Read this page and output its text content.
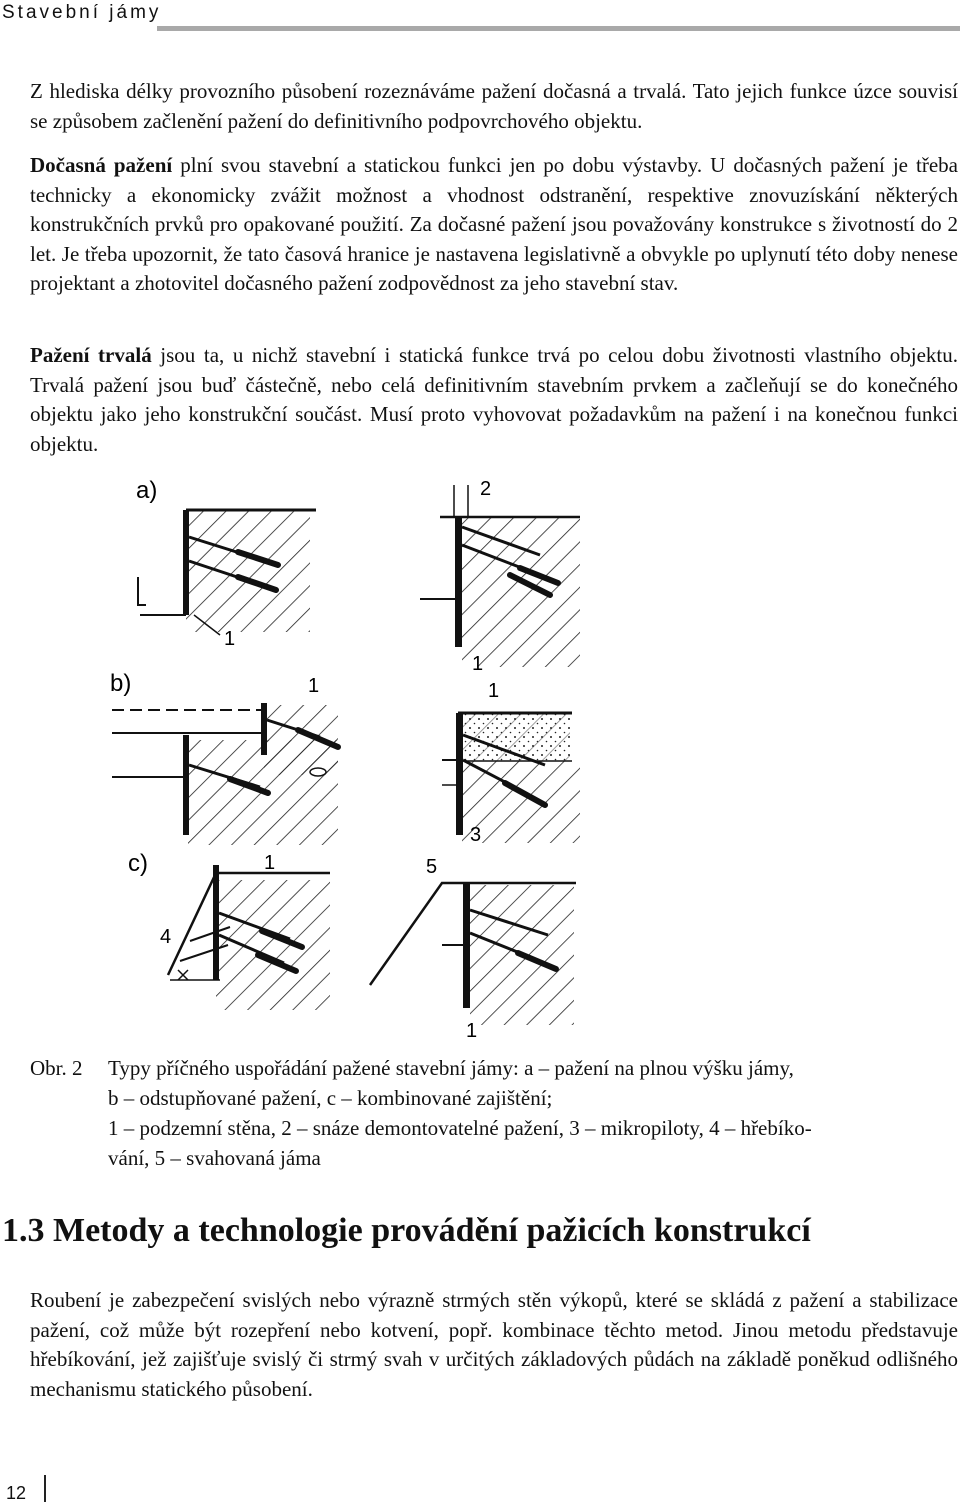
Stavební jámy

Z hlediska délky provozního působení rozeznáváme pažení dočasná a trvalá. Tato jejich funkce úzce souvisí se způsobem začlenění pažení do definitivního podpovrchového objektu.

Dočasná pažení plní svou stavební a statickou funkci jen po dobu výstavby. U dočasných pažení je třeba technicky a ekonomicky zvážit možnost a vhodnost odstranění, respektive znovuzískání některých konstrukčních prvků pro opakované použití. Za dočasné pažení jsou považovány konstrukce s životností do 2 let. Je třeba upozornit, že tato časová hranice je nastavena legislativně a obvykle po uplynutí této doby nenese projektant a zhotovitel dočasného pažení zodpovědnost za jeho stavební stav.

Pažení trvalá jsou ta, u nichž stavební i statická funkce trvá po celou dobu životnosti vlastního objektu. Trvalá pažení jsou buď částečně, nebo celá definitivním stavebním prvkem a začleňují se do konečného objektu jako jeho konstrukční součást. Musí proto vyhovovat požadavkům na pažení i na konečnou funkci objektu.

a)
1
2
1
b)	1	1
3
c)	1
4
5
1
Obr. 2 Typy příčného uspořádání pažené stavební jámy: a – pažení na plnou výšku jámy,
b – odstupňované pažení, c – kombinované zajištění;
1 – podzemní stěna, 2 – snáze demontovatelné pažení, 3 – mikropiloty, 4 – hřebíko-
vání, 5 – svahovaná jáma
1.3 Metody a technologie provádění pažicích konstrukcí

Roubení je zabezpečení svislých nebo výrazně strmých stěn výkopů, které se skládá z pažení a stabilizace pažení, což může být rozepření nebo kotvení, popř. kombinace těchto metod. Jinou metodu představuje hřebíkování, jež zajišťuje svislý či strmý svah v určitých základových půdách na základě poněkud odlišného mechanismu statického působení.

12
